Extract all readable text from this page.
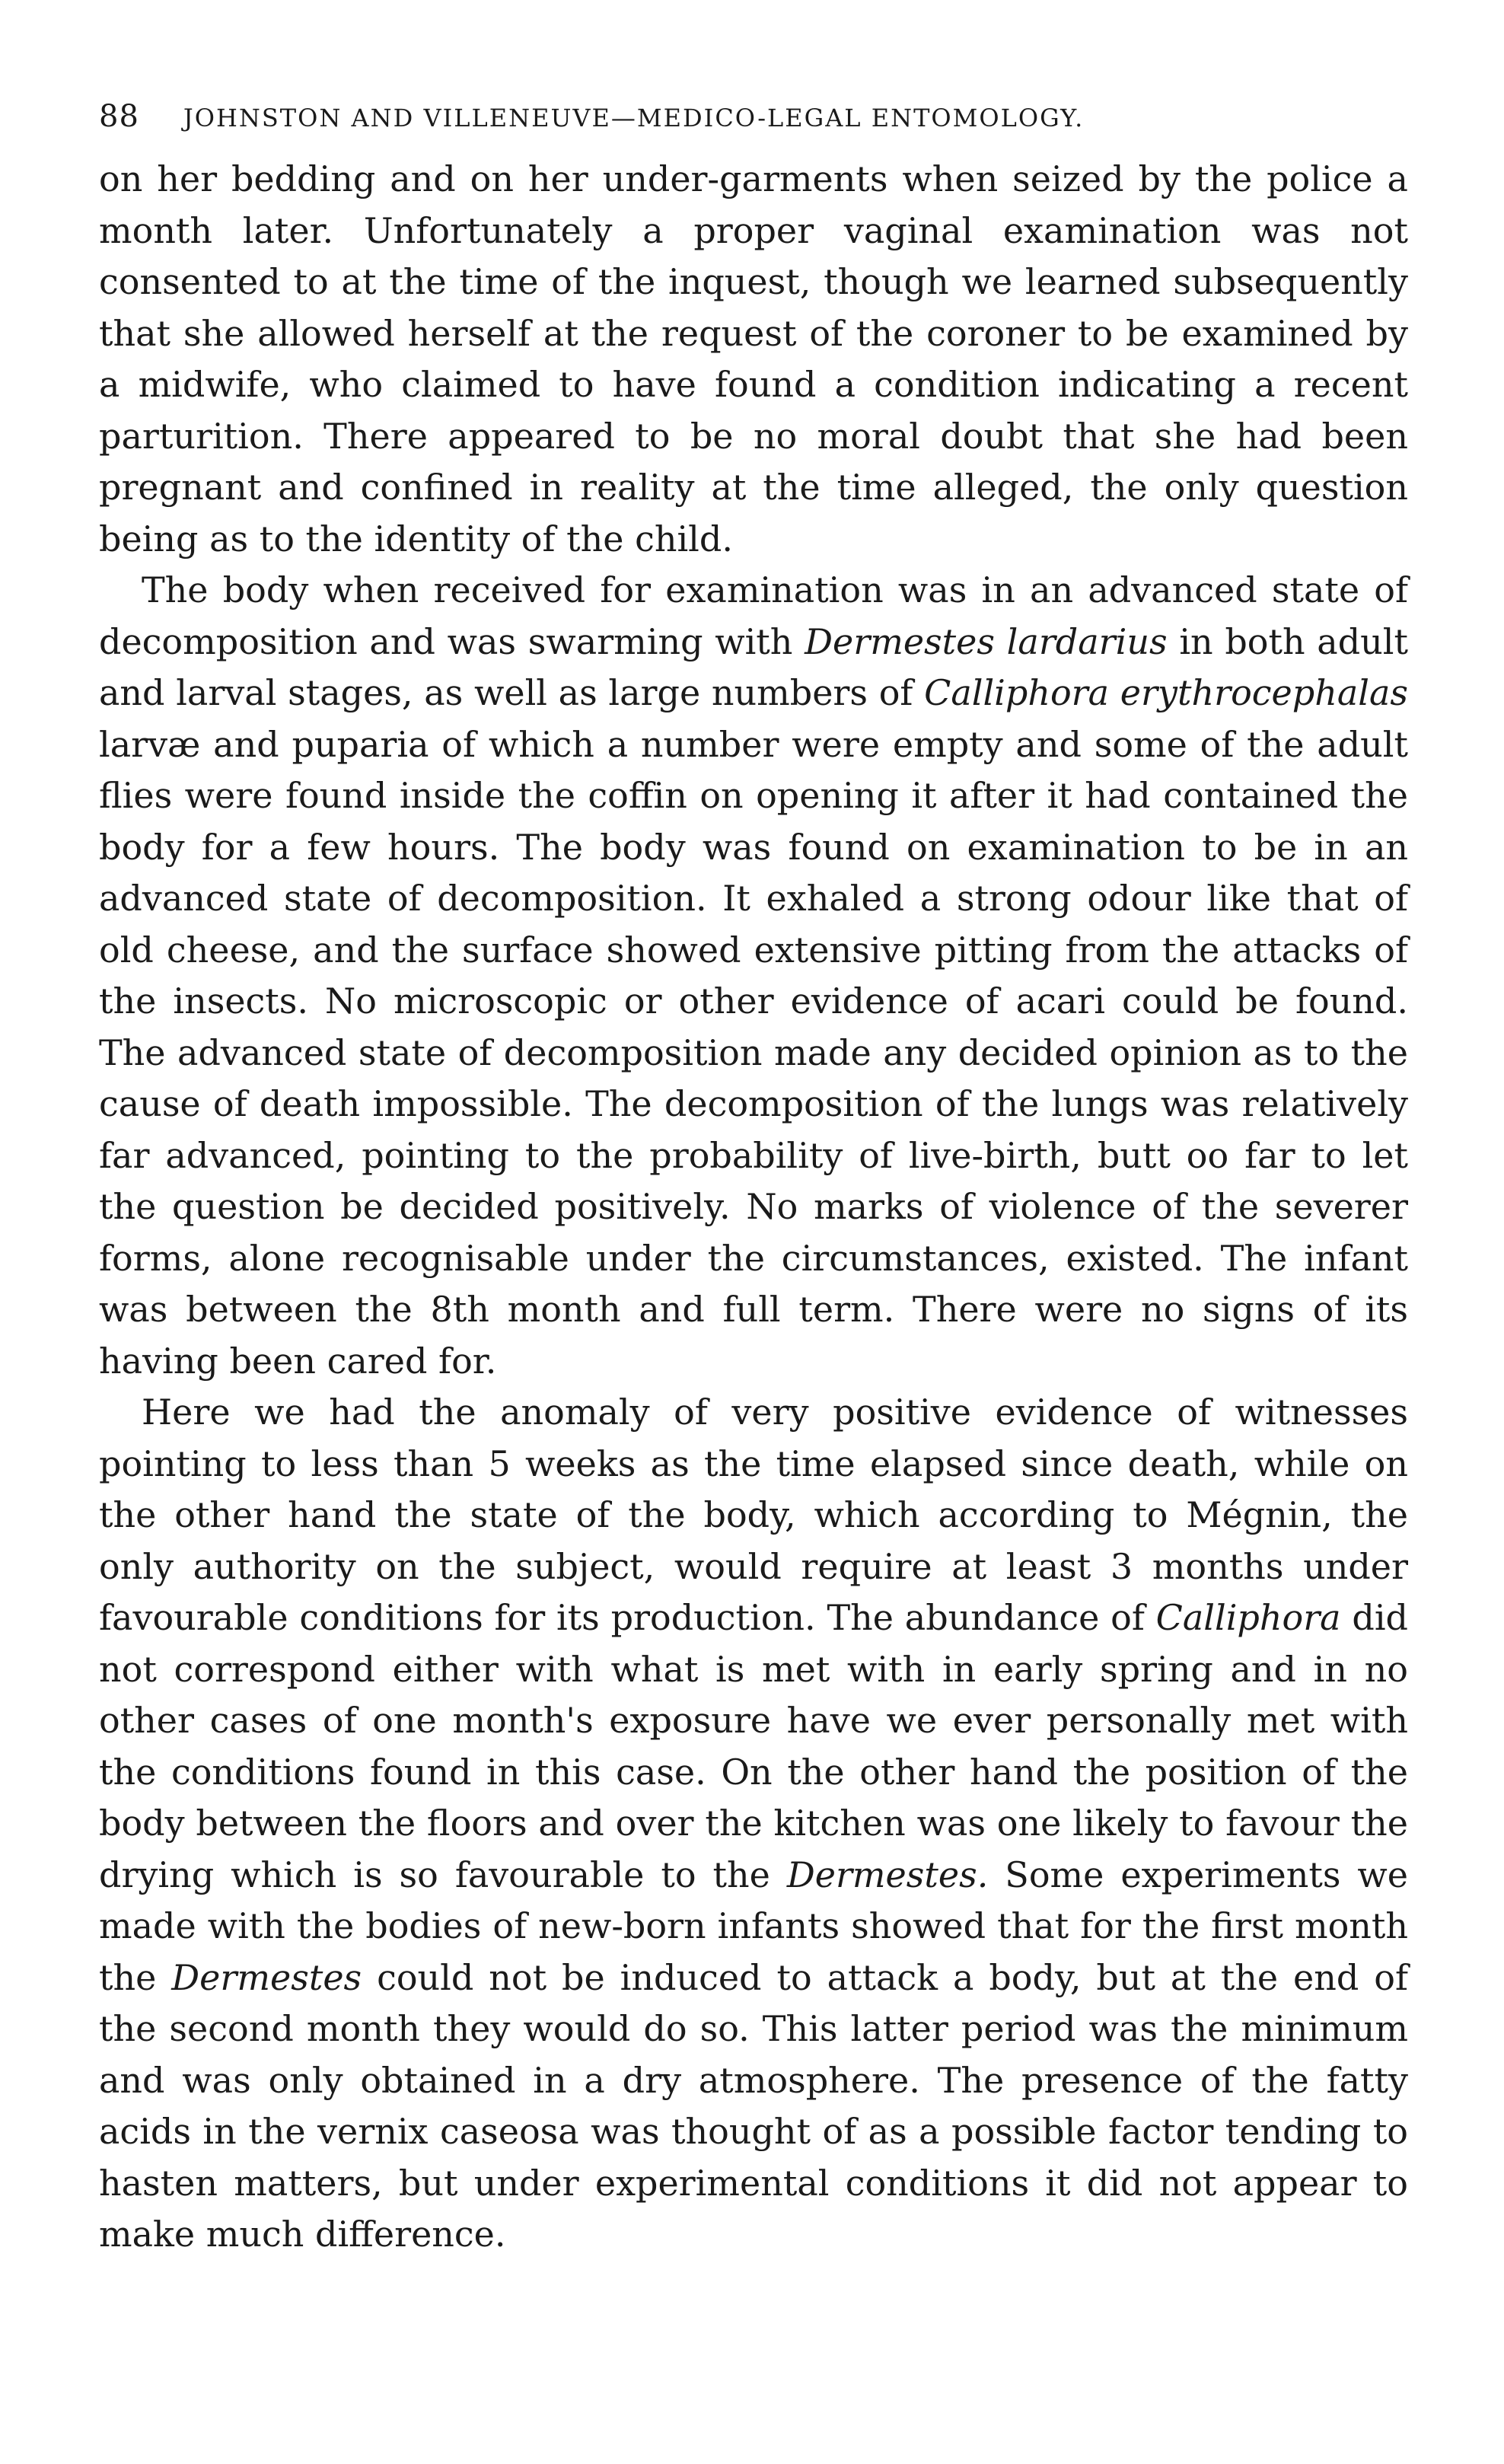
88 JOHNSTON AND VILLENEUVE—MEDICO-LEGAL ENTOMOLOGY.

on her bedding and on her under-garments when seized by the police a month later. Unfortunately a proper vaginal examination was not consented to at the time of the inquest, though we learned subsequently that she allowed herself at the request of the coroner to be examined by a midwife, who claimed to have found a condition indicating a recent parturition. There appeared to be no moral doubt that she had been pregnant and confined in reality at the time alleged, the only question being as to the identity of the child.

The body when received for examination was in an advanced state of decomposition and was swarming with Dermestes lardarius in both adult and larval stages, as well as large numbers of Calliphora erythrocephalas larvæ and puparia of which a number were empty and some of the adult flies were found inside the coffin on opening it after it had contained the body for a few hours. The body was found on examination to be in an advanced state of decomposition. It exhaled a strong odour like that of old cheese, and the surface showed extensive pitting from the attacks of the insects. No microscopic or other evidence of acari could be found. The advanced state of decomposition made any decided opinion as to the cause of death impossible. The decomposition of the lungs was relatively far advanced, pointing to the probability of live-birth, butt oo far to let the question be decided positively. No marks of violence of the severer forms, alone recognisable under the circumstances, existed. The infant was between the 8th month and full term. There were no signs of its having been cared for.

Here we had the anomaly of very positive evidence of witnesses pointing to less than 5 weeks as the time elapsed since death, while on the other hand the state of the body, which according to Mégnin, the only authority on the subject, would require at least 3 months under favourable conditions for its production. The abundance of Calliphora did not correspond either with what is met with in early spring and in no other cases of one month's exposure have we ever personally met with the conditions found in this case. On the other hand the position of the body between the floors and over the kitchen was one likely to favour the drying which is so favourable to the Dermestes. Some experiments we made with the bodies of new-born infants showed that for the first month the Dermestes could not be induced to attack a body, but at the end of the second month they would do so. This latter period was the minimum and was only obtained in a dry atmosphere. The presence of the fatty acids in the vernix caseosa was thought of as a possible factor tending to hasten matters, but under experimental conditions it did not appear to make much difference.
